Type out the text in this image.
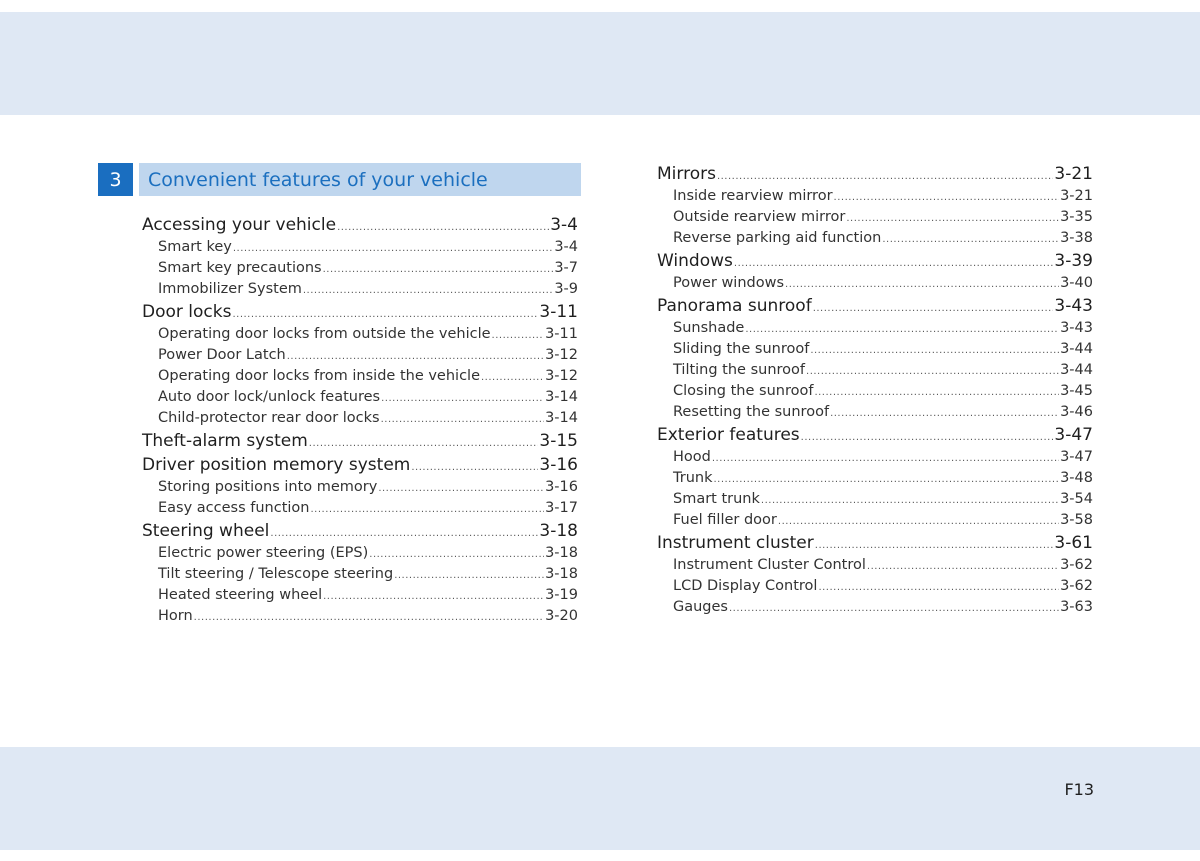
3	Convenient features of your vehicle
Accessing your vehicle .....	3-4
Smart key .....	3-4
Smart key precautions .....	3-7
Immobilizer System .....	3-9
Door locks .....	3-11
Operating door locks from outside the vehicle .....	3-11
Power Door Latch .....	3-12
Operating door locks from inside the vehicle .....	3-12
Auto door lock/unlock features .....	3-14
Child-protector rear door locks .....	3-14
Theft-alarm system .....	3-15
Driver position memory system .....	3-16
Storing positions into memory .....	3-16
Easy access function .....	3-17
Steering wheel .....	3-18
Electric power steering (EPS) .....	3-18
Tilt steering / Telescope steering .....	3-18
Heated steering wheel .....	3-19
Horn .....	3-20
Mirrors .....	3-21
Inside rearview mirror .....	3-21
Outside rearview mirror .....	3-35
Reverse parking aid function .....	3-38
Windows .....	3-39
Power windows .....	3-40
Panorama sunroof .....	3-43
Sunshade .....	3-43
Sliding the sunroof .....	3-44
Tilting the sunroof .....	3-44
Closing the sunroof .....	3-45
Resetting the sunroof .....	3-46
Exterior features .....	3-47
Hood .....	3-47
Trunk .....	3-48
Smart trunk .....	3-54
Fuel filler door .....	3-58
Instrument cluster .....	3-61
Instrument Cluster Control .....	3-62
LCD Display Control .....	3-62
Gauges .....	3-63
F13
